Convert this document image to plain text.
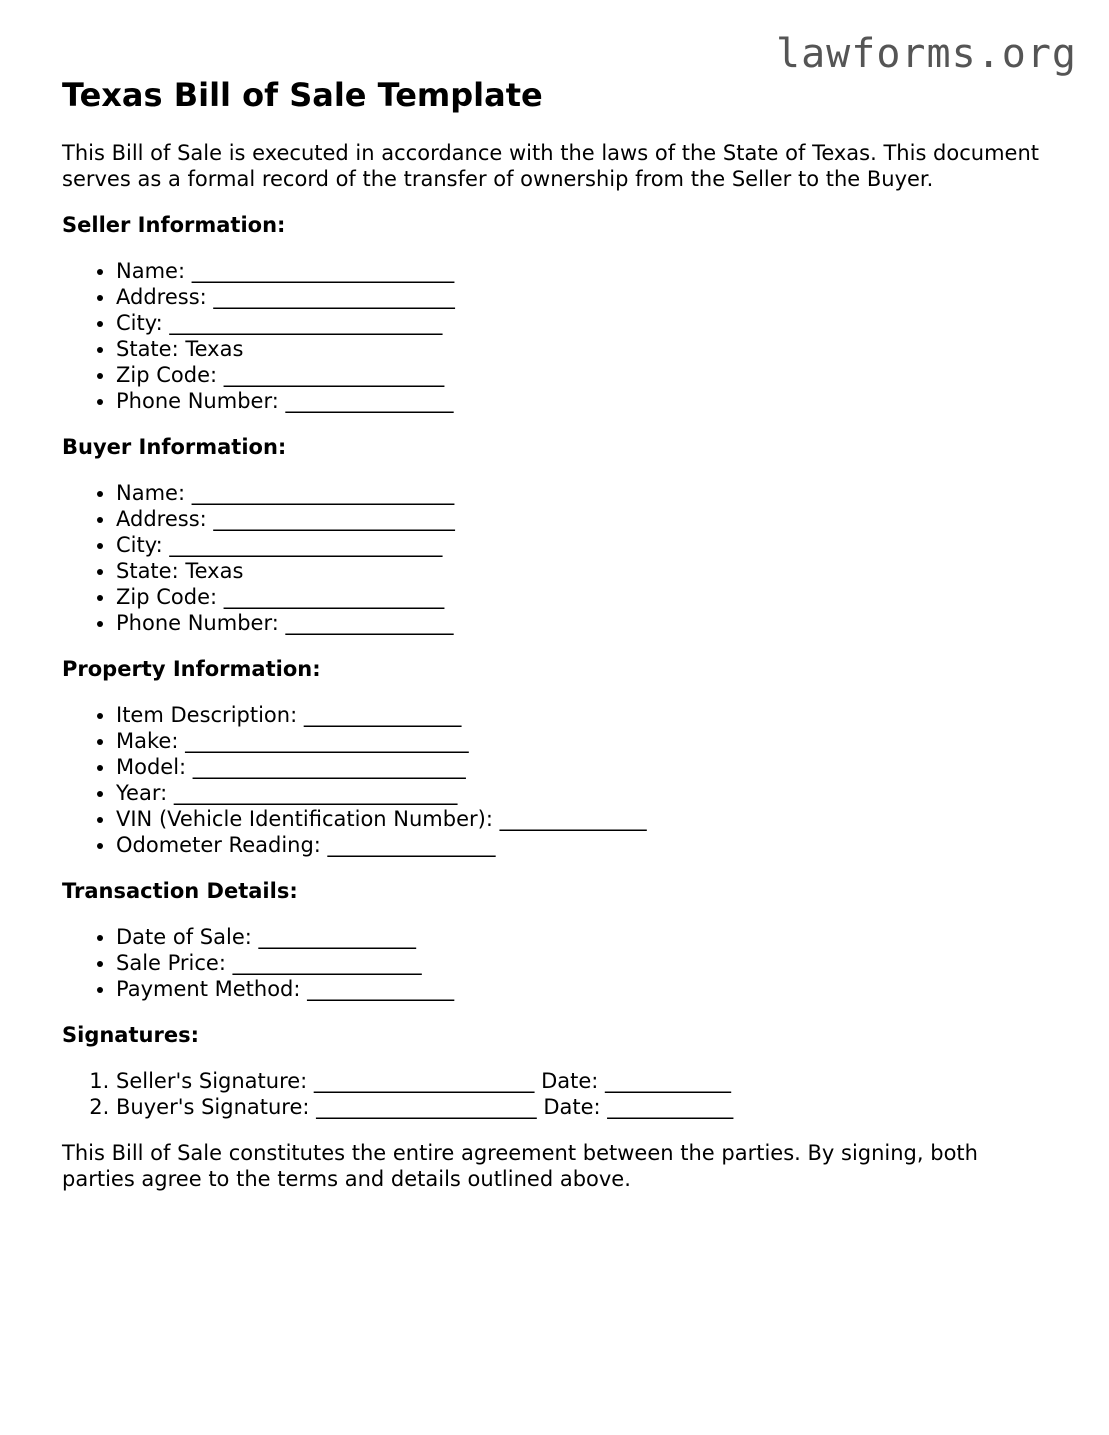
lawforms.org
Texas Bill of Sale Template

This Bill of Sale is executed in accordance with the laws of the State of Texas. This document serves as a formal record of the transfer of ownership from the Seller to the Buyer.

Seller Information:
• Name: _________________________
• Address: _______________________
• City: __________________________
• State: Texas
• Zip Code: _____________________
• Phone Number: ________________
Buyer Information:
• Name: _________________________
• Address: _______________________
• City: __________________________
• State: Texas
• Zip Code: _____________________
• Phone Number: ________________
Property Information:
• Item Description: _______________
• Make: ___________________________
• Model: __________________________
• Year: ___________________________
• VIN (Vehicle Identification Number): ______________
• Odometer Reading: ________________
Transaction Details:
• Date of Sale: _______________
• Sale Price: __________________
• Payment Method: ______________
Signatures:
1. Seller's Signature: _____________________ Date: ____________
2. Buyer's Signature: _____________________ Date: ____________

This Bill of Sale constitutes the entire agreement between the parties. By signing, both parties agree to the terms and details outlined above.
